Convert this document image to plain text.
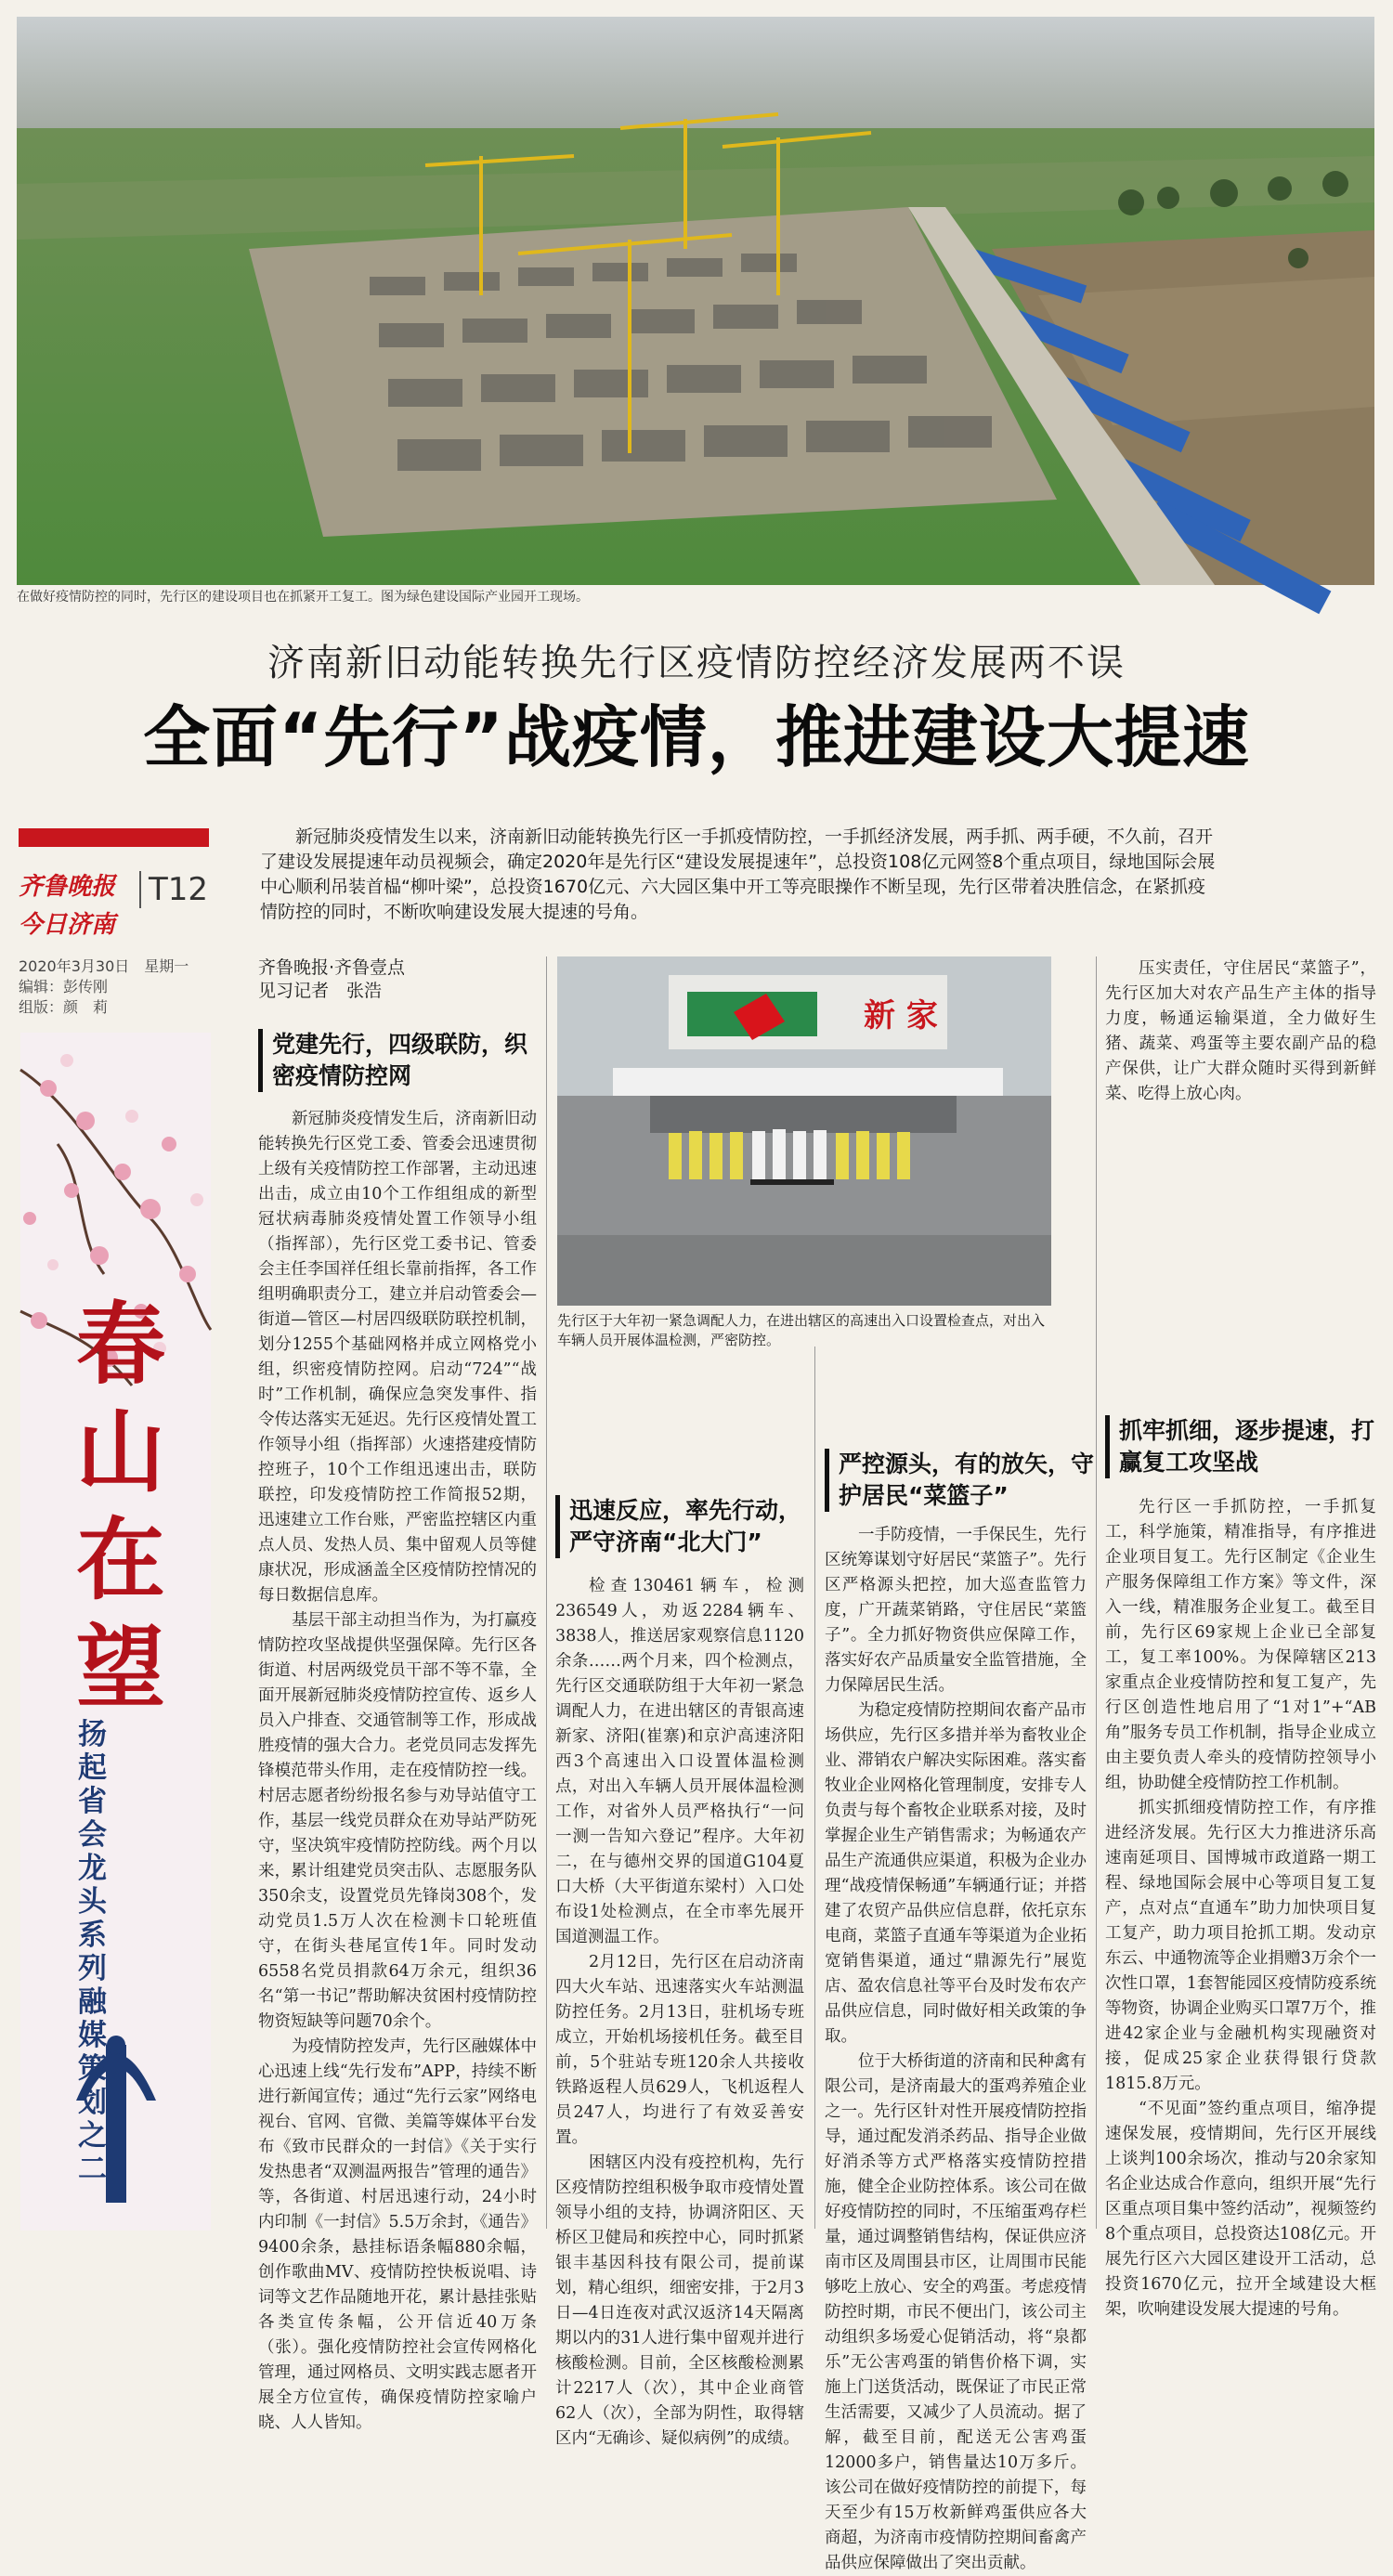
在做好疫情防控的同时，先行区的建设项目也在抓紧开工复工。图为绿色建设国际产业园开工现场。
济南新旧动能转换先行区疫情防控经济发展两不误
全面“先行”战疫情，推进建设大提速
齐鲁晚报
今日济南
T12
2020年3月30日　星期一
编辑：彭传刚
组版：颜　莉
新冠肺炎疫情发生以来，济南新旧动能转换先行区一手抓疫情防控，一手抓经济发展，两手抓、两手硬，不久前，召开了建设发展提速年动员视频会，确定2020年是先行区“建设发展提速年”，总投资108亿元网签8个重点项目，绿地国际会展中心顺利吊装首榀“柳叶梁”，总投资1670亿元、六大园区集中开工等亮眼操作不断呈现，先行区带着决胜信念，在紧抓疫情防控的同时，不断吹响建设发展大提速的号角。
春山在望
扬起省会龙头系列融媒策划之二
齐鲁晚报·齐鲁壹点
见习记者　张浩
新 家
先行区于大年初一紧急调配人力，在进出辖区的高速出入口设置检查点，对出入车辆人员开展体温检测，严密防控。
党建先行，四级联防，织密疫情防控网

新冠肺炎疫情发生后，济南新旧动能转换先行区党工委、管委会迅速贯彻上级有关疫情防控工作部署，主动迅速出击，成立由10个工作组组成的新型冠状病毒肺炎疫情处置工作领导小组（指挥部），先行区党工委书记、管委会主任李国祥任组长靠前指挥，各工作组明确职责分工，建立并启动管委会—街道—管区—村居四级联防联控机制，划分1255个基础网格并成立网格党小组，织密疫情防控网。启动“724”“战时”工作机制，确保应急突发事件、指令传达落实无延迟。先行区疫情处置工作领导小组（指挥部）火速搭建疫情防控班子，10个工作组迅速出击，联防联控，印发疫情防控工作简报52期，迅速建立工作台账，严密监控辖区内重点人员、发热人员、集中留观人员等健康状况，形成涵盖全区疫情防控情况的每日数据信息库。

基层干部主动担当作为，为打赢疫情防控攻坚战提供坚强保障。先行区各街道、村居两级党员干部不等不靠，全面开展新冠肺炎疫情防控宣传、返乡人员入户排查、交通管制等工作，形成战胜疫情的强大合力。老党员同志发挥先锋模范带头作用，走在疫情防控一线。村居志愿者纷纷报名参与劝导站值守工作，基层一线党员群众在劝导站严防死守，坚决筑牢疫情防控防线。两个月以来，累计组建党员突击队、志愿服务队350余支，设置党员先锋岗308个，发动党员1.5万人次在检测卡口轮班值守，在街头巷尾宣传1年。同时发动6558名党员捐款64万余元，组织36名“第一书记”帮助解决贫困村疫情防控物资短缺等问题70余个。

为疫情防控发声，先行区融媒体中心迅速上线“先行发布”APP，持续不断进行新闻宣传；通过“先行云家”网络电视台、官网、官微、美篇等媒体平台发布《致市民群众的一封信》《关于实行发热患者“双测温两报告”管理的通告》等，各街道、村居迅速行动，24小时内印制《一封信》5.5万余封，《通告》9400余条，悬挂标语条幅880余幅，创作歌曲MV、疫情防控快板说唱、诗词等文艺作品随地开花，累计悬挂张贴各类宣传条幅，公开信近40万条（张）。强化疫情防控社会宣传网格化管理，通过网格员、文明实践志愿者开展全方位宣传，确保疫情防控家喻户晓、人人皆知。

迅速反应，率先行动，严守济南“北大门”

检查130461辆车，检测236549人，劝返2284辆车、3838人，推送居家观察信息1120余条……两个月来，四个检测点，先行区交通联防组于大年初一紧急调配人力，在进出辖区的青银高速新家、济阳(崔寨)和京沪高速济阳西3个高速出入口设置体温检测点，对出入车辆人员开展体温检测工作，对省外人员严格执行“一问一测一告知六登记”程序。大年初二，在与德州交界的国道G104夏口大桥（大平街道东梁村）入口处布设1处检测点，在全市率先展开国道测温工作。

2月12日，先行区在启动济南四大火车站、迅速落实火车站测温防控任务。2月13日，驻机场专班成立，开始机场接机任务。截至目前，5个驻站专班120余人共接收铁路返程人员629人，飞机返程人员247人，均进行了有效妥善安置。

困辖区内没有疫控机构，先行区疫情防控组积极争取市疫情处置领导小组的支持，协调济阳区、天桥区卫健局和疾控中心，同时抓紧银丰基因科技有限公司，提前谋划，精心组织，细密安排，于2月3日—4日连夜对武汉返济14天隔离期以内的31人进行集中留观并进行核酸检测。目前，全区核酸检测累计2217人（次），其中企业商管62人（次），全部为阴性，取得辖区内“无确诊、疑似病例”的成绩。

严控源头，有的放矢，守护居民“菜篮子”

一手防疫情，一手保民生，先行区统筹谋划守好居民“菜篮子”。先行区严格源头把控，加大巡查监管力度，广开蔬菜销路，守住居民“菜篮子”。全力抓好物资供应保障工作，落实好农产品质量安全监管措施，全力保障居民生活。

为稳定疫情防控期间农畜产品市场供应，先行区多措并举为畜牧业企业、滞销农户解决实际困难。落实畜牧业企业网格化管理制度，安排专人负责与每个畜牧企业联系对接，及时掌握企业生产销售需求；为畅通农产品生产流通供应渠道，积极为企业办理“战疫情保畅通”车辆通行证；并搭建了农贸产品供应信息群，依托京东电商，菜篮子直通车等渠道为企业拓宽销售渠道，通过“鼎源先行”展览店、盈农信息社等平台及时发布农产品供应信息，同时做好相关政策的争取。

位于大桥街道的济南和民种禽有限公司，是济南最大的蛋鸡养殖企业之一。先行区针对性开展疫情防控指导，通过配发消杀药品、指导企业做好消杀等方式严格落实疫情防控措施，健全企业防控体系。该公司在做好疫情防控的同时，不压缩蛋鸡存栏量，通过调整销售结构，保证供应济南市区及周围县市区，让周围市民能够吃上放心、安全的鸡蛋。考虑疫情防控时期，市民不便出门，该公司主动组织多场爱心促销活动，将“泉都乐”无公害鸡蛋的销售价格下调，实施上门送货活动，既保证了市民正常生活需要，又减少了人员流动。据了解，截至目前，配送无公害鸡蛋12000多户，销售量达10万多斤。该公司在做好疫情防控的前提下，每天至少有15万枚新鲜鸡蛋供应各大商超，为济南市疫情防控期间畜禽产品供应保障做出了突出贡献。

压实责任，守住居民“菜篮子”，先行区加大对农产品生产主体的指导力度，畅通运输渠道，全力做好生猪、蔬菜、鸡蛋等主要农副产品的稳产保供，让广大群众随时买得到新鲜菜、吃得上放心肉。

抓牢抓细，逐步提速，打赢复工攻坚战

先行区一手抓防控，一手抓复工，科学施策，精准指导，有序推进企业项目复工。先行区制定《企业生产服务保障组工作方案》等文件，深入一线，精准服务企业复工。截至目前，先行区69家规上企业已全部复工，复工率100%。为保障辖区213家重点企业疫情防控和复工复产，先行区创造性地启用了“1对1”+“AB角”服务专员工作机制，指导企业成立由主要负责人牵头的疫情防控领导小组，协助健全疫情防控工作机制。

抓实抓细疫情防控工作，有序推进经济发展。先行区大力推进济乐高速南延项目、国博城市政道路一期工程、绿地国际会展中心等项目复工复产，点对点“直通车”助力加快项目复工复产，助力项目抢抓工期。发动京东云、中通物流等企业捐赠3万余个一次性口罩，1套智能园区疫情防疫系统等物资，协调企业购买口罩7万个，推进42家企业与金融机构实现融资对接，促成25家企业获得银行贷款1815.8万元。

“不见面”签约重点项目，缩净提速保发展，疫情期间，先行区开展线上谈判100余场次，推动与20余家知名企业达成合作意向，组织开展“先行区重点项目集中签约活动”，视频签约8个重点项目，总投资达108亿元。开展先行区六大园区建设开工活动，总投资1670亿元，拉开全域建设大框架，吹响建设发展大提速的号角。
